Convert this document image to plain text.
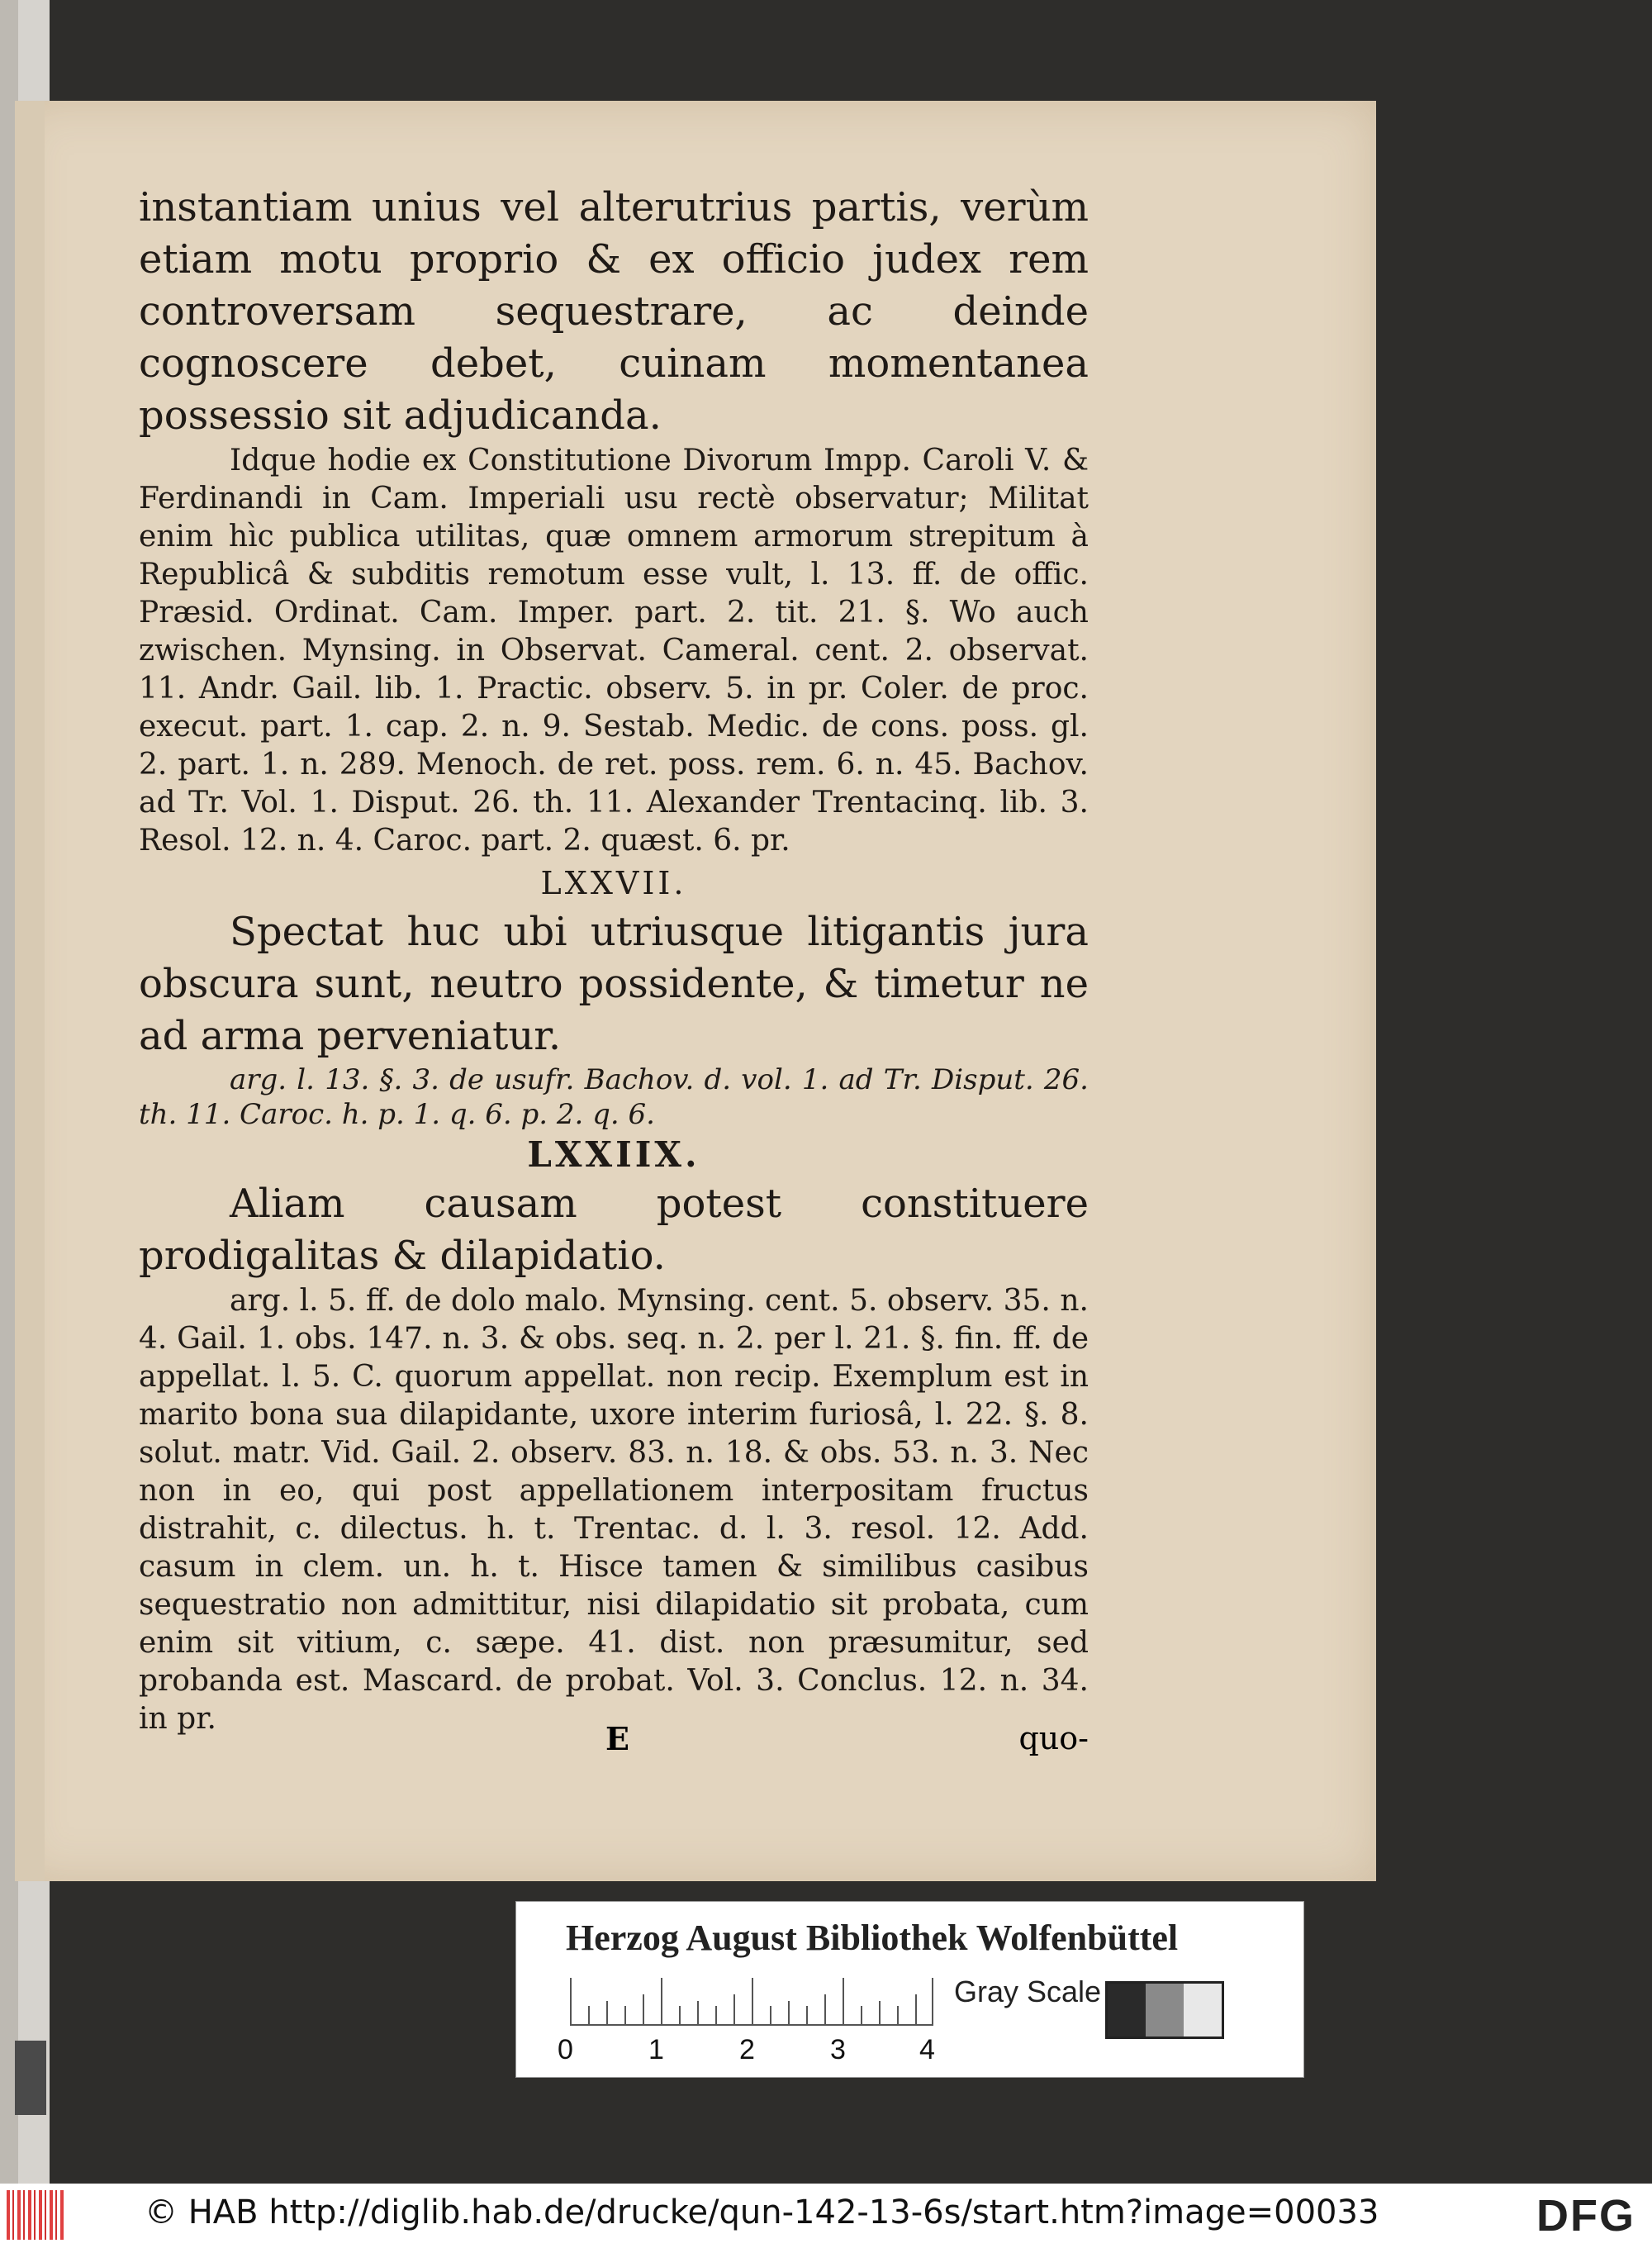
instantiam unius vel alterutrius partis, verùm etiam motu proprio & ex officio judex rem controversam sequestrare, ac deinde cognoscere debet, cuinam momentanea possessio sit adjudicanda.

Idque hodie ex Constitutione Divorum Impp. Caroli V. & Ferdinandi in Cam. Imperiali usu rectè observatur; Militat enim hìc publica utilitas, quæ omnem armorum strepitum à Republicâ & subditis remotum esse vult, l. 13. ff. de offic. Præsid. Ordinat. Cam. Imper. part. 2. tit. 21. §. Wo auch zwischen. Mynsing. in Observat. Cameral. cent. 2. observat. 11. Andr. Gail. lib. 1. Practic. observ. 5. in pr. Coler. de proc. execut. part. 1. cap. 2. n. 9. Sestab. Medic. de cons. poss. gl. 2. part. 1. n. 289. Menoch. de ret. poss. rem. 6. n. 45. Bachov. ad Tr. Vol. 1. Disput. 26. th. 11. Alexander Trentacinq. lib. 3. Resol. 12. n. 4. Caroc. part. 2. quæst. 6. pr.

LXXVII.

Spectat huc ubi utriusque litigantis jura obscura sunt, neutro possidente, & timetur ne ad arma perveniatur.

arg. l. 13. §. 3. de usufr. Bachov. d. vol. 1. ad Tr. Disput. 26. th. 11. Caroc. h. p. 1. q. 6. p. 2. q. 6.

LXXIIX.

Aliam causam potest constituere prodigalitas & dilapidatio.

arg. l. 5. ff. de dolo malo. Mynsing. cent. 5. observ. 35. n. 4. Gail. 1. obs. 147. n. 3. & obs. seq. n. 2. per l. 21. §. fin. ff. de appellat. l. 5. C. quorum appellat. non recip. Exemplum est in marito bona sua dilapidante, uxore interim furiosâ, l. 22. §. 8. solut. matr. Vid. Gail. 2. observ. 83. n. 18. & obs. 53. n. 3. Nec non in eo, qui post appellationem interpositam fructus distrahit, c. dilectus. h. t. Trentac. d. l. 3. resol. 12. Add. casum in clem. un. h. t. Hisce tamen & similibus casibus sequestratio non admittitur, nisi dilapidatio sit probata, cum enim sit vitium, c. sæpe. 41. dist. non præsumitur, sed probanda est. Mascard. de probat. Vol. 3. Conclus. 12. n. 34. in pr.

E	quo-
Herzog August Bibliothek Wolfenbüttel
0	1	2	3	4
Gray Scale
© HAB http://diglib.hab.de/drucke/qun-142-13-6s/start.htm?image=00033	DFG
